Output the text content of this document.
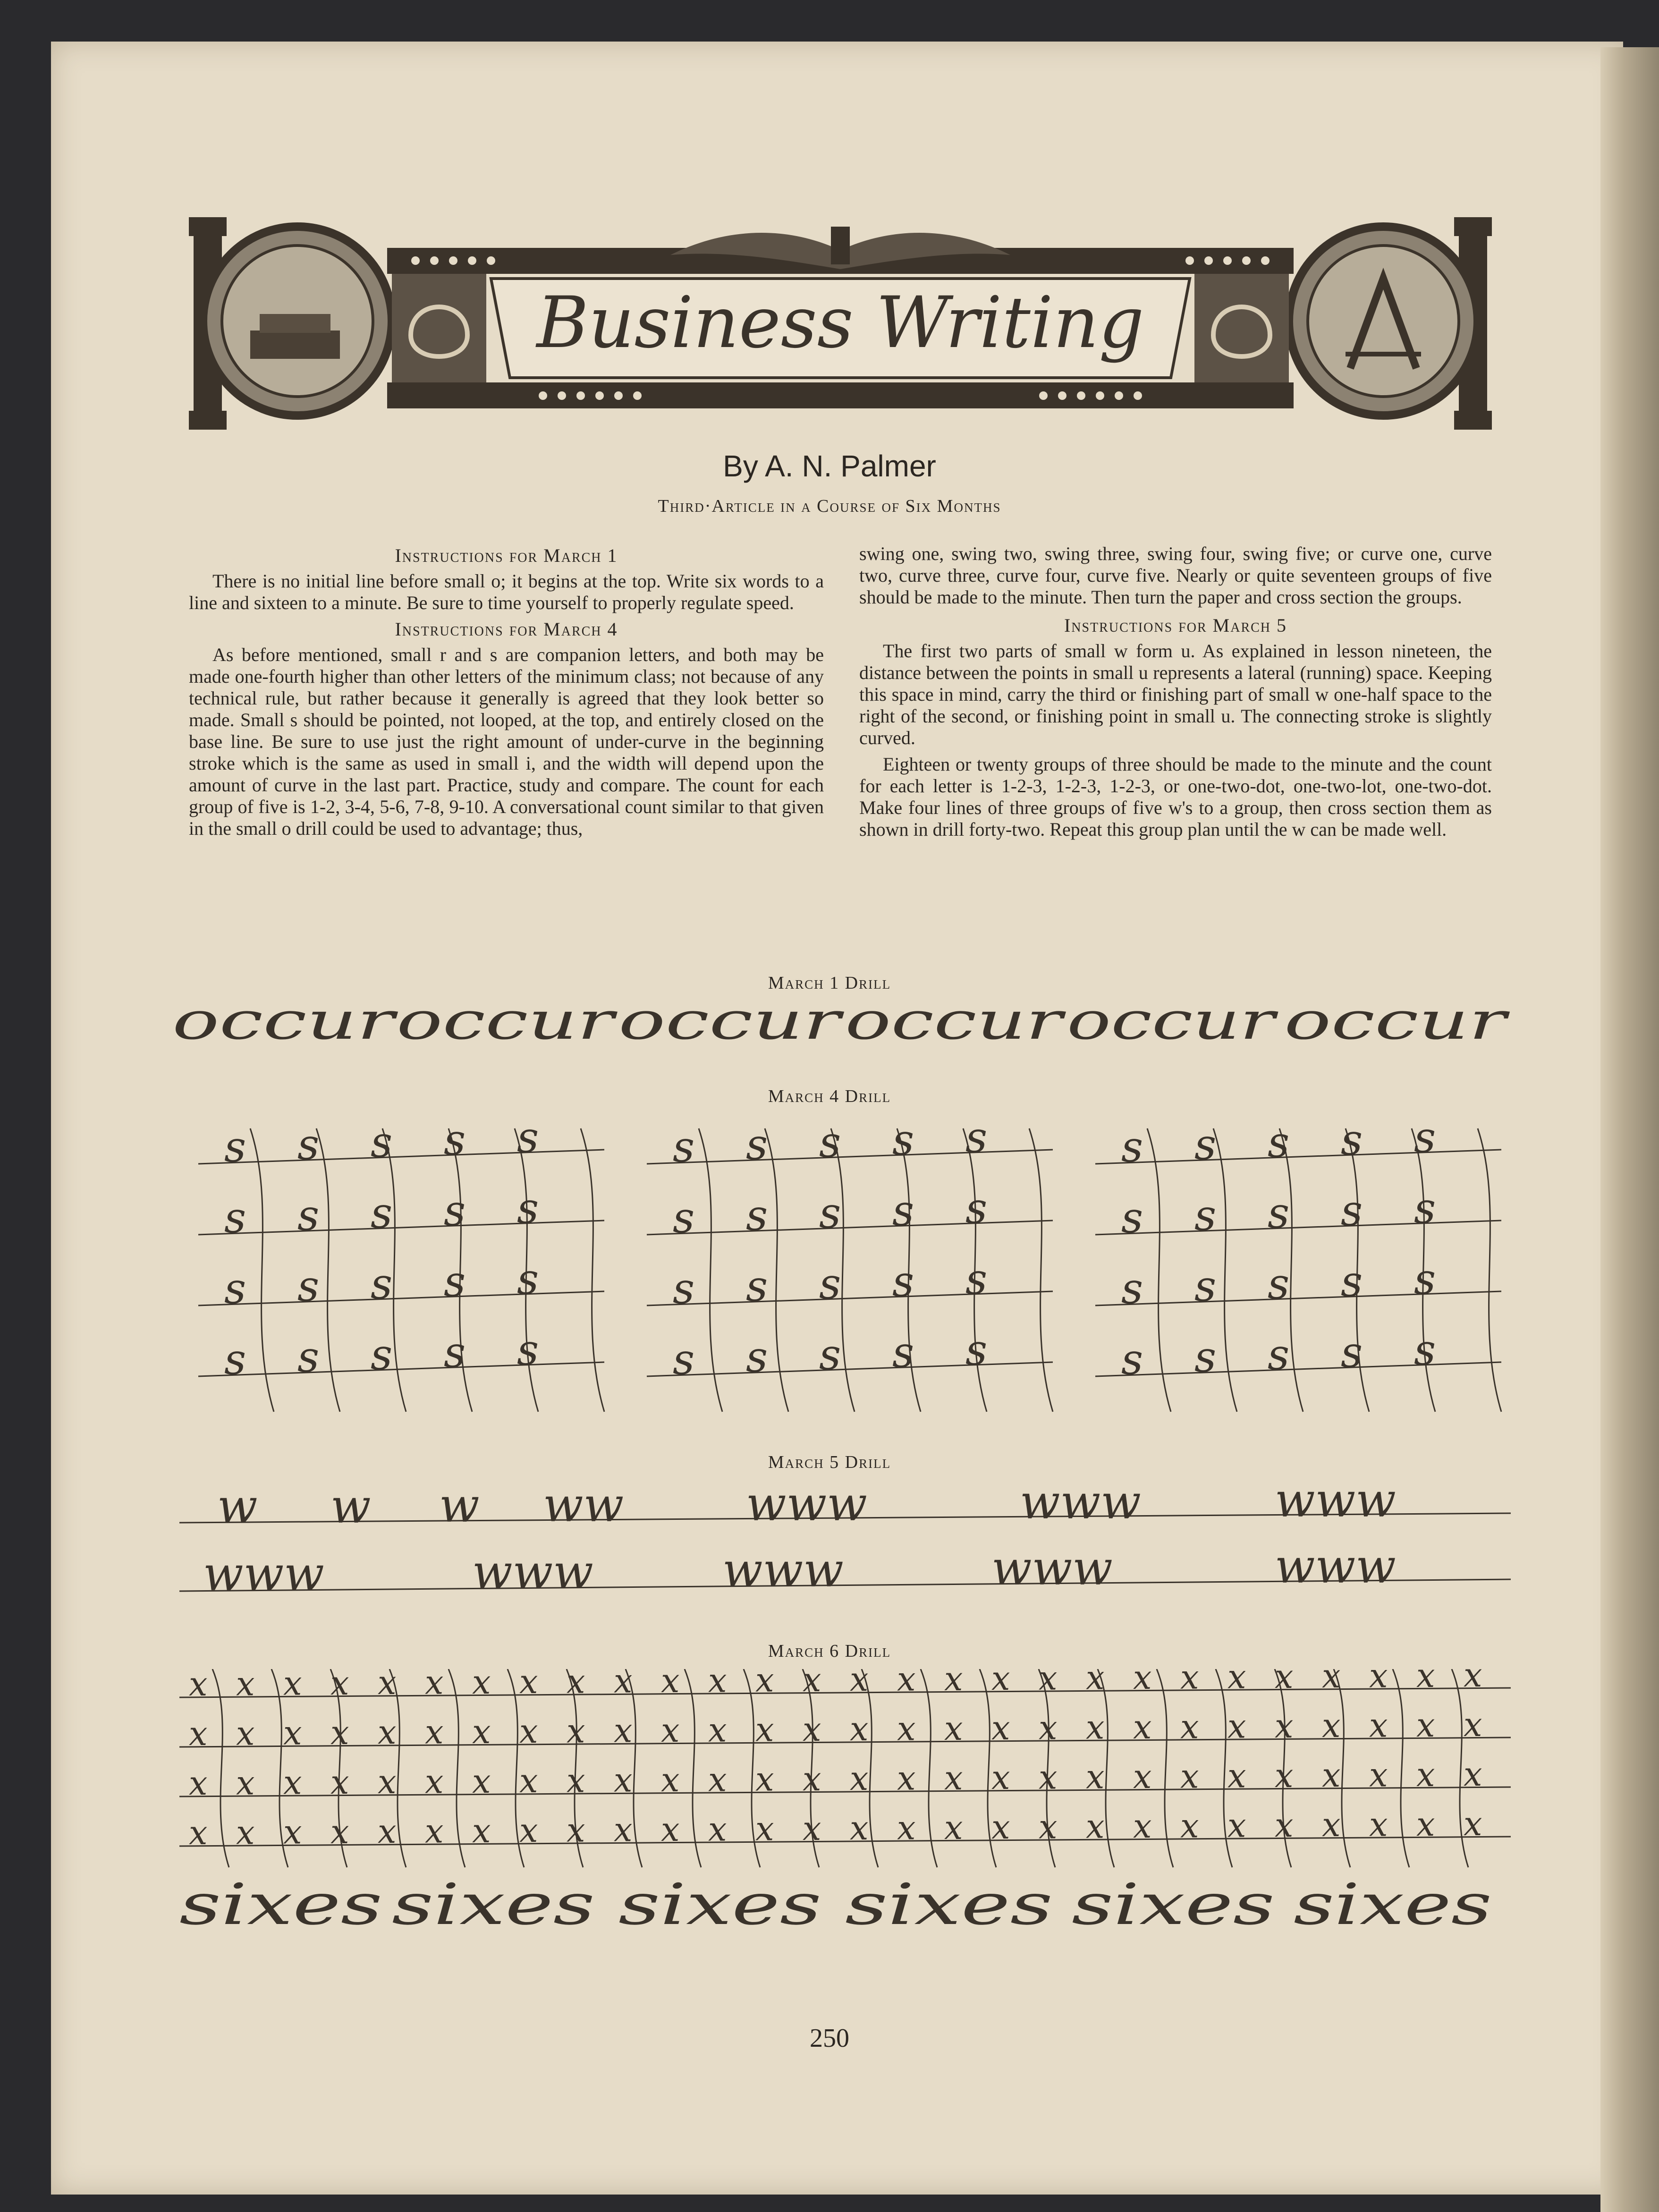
Business Writing
By A. N. Palmer
Third·Article in a Course of Six Months
Instructions for March 1

There is no initial line before small o; it begins at the top. Write six words to a line and sixteen to a minute. Be sure to time yourself to properly regulate speed.

Instructions for March 4

As before mentioned, small r and s are companion letters, and both may be made one-fourth higher than other letters of the minimum class; not because of any technical rule, but rather because it generally is agreed that they look better so made. Small s should be pointed, not looped, at the top, and entirely closed on the base line. Be sure to use just the right amount of under-curve in the beginning stroke which is the same as used in small i, and the width will depend upon the amount of curve in the last part. Practice, study and compare. The count for each group of five is 1-2, 3-4, 5-6, 7-8, 9-10. A conversational count similar to that given in the small o drill could be used to advantage; thus,

swing one, swing two, swing three, swing four, swing five; or curve one, curve two, curve three, curve four, curve five. Nearly or quite seventeen groups of five should be made to the minute. Then turn the paper and cross section the groups.

Instructions for March 5

The first two parts of small w form u. As explained in lesson nineteen, the distance between the points in small u represents a lateral (running) space. Keeping this space in mind, carry the third or finishing part of small w one-half space to the right of the second, or finishing point in small u. The connecting stroke is slightly curved.

Eighteen or twenty groups of three should be made to the minute and the count for each letter is 1-2-3, 1-2-3, 1-2-3, or one-two-dot, one-two-lot, one-two-dot. Make four lines of three groups of five w's to a group, then cross section them as shown in drill forty-two. Repeat this group plan until the w can be made well.

March 1 Drill
occur
occur occur occur occur occur
March 4 Drill
s s s s s
s s s s s
s s s s s
s s s s s
s s s s s
s s s s s
s s s s s
s s s s s
s s s s s
s s s s s
s s s s s
s s s s s
March 5 Drill
w w w ww	www	www	www
www	www	www	www	www
March 6 Drill
sixes sixes sixes sixes sixes sixes
x x x x x x x x x x x x x x x x x x x x x x x x x x x x
x x x x x x x x x x x x x x x x x x x x x x x x x x x x
x x x x x x x x x x x x x x x x x x x x x x x x x x x x
x x x x x x x x x x x x x x x x x x x x x x x x x x x x
250
